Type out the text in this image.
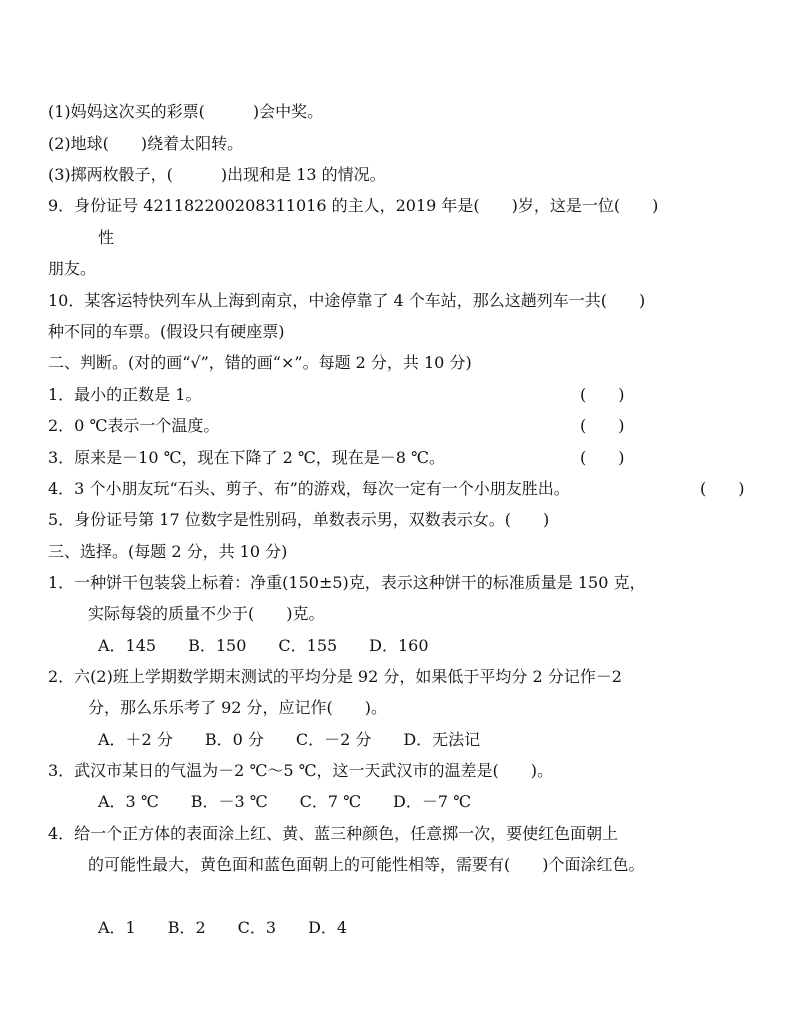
(1)妈妈这次买的彩票(　　　)会中奖。
(2)地球(　　)绕着太阳转。
(3)掷两枚骰子，(　　　)出现和是 13 的情况。
9．身份证号 421182200208311016 的主人，2019 年是(　　)岁，这是一位(　　)
性
朋友。
10．某客运特快列车从上海到南京，中途停靠了 4 个车站，那么这趟列车一共(　　)
种不同的车票。(假设只有硬座票)
二、判断。(对的画“√”，错的画“×”。每题 2 分，共 10 分)
1．最小的正数是 1。	(　　)
2．0 ℃表示一个温度。	(　　)
3．原来是－10 ℃，现在下降了 2 ℃，现在是－8 ℃。	(　　)
4．3 个小朋友玩“石头、剪子、布”的游戏，每次一定有一个小朋友胜出。	(　　)
5．身份证号第 17 位数字是性别码，单数表示男，双数表示女。(　　)
三、选择。(每题 2 分，共 10 分)
1．一种饼干包装袋上标着：净重(150±5)克，表示这种饼干的标准质量是 150 克，
实际每袋的质量不少于(　　)克。
A．145　　B．150　　C．155　　D．160
2．六(2)班上学期数学期末测试的平均分是 92 分，如果低于平均分 2 分记作－2
分，那么乐乐考了 92 分，应记作(　　)。
A．＋2 分　　B．0 分　　C．－2 分　　D．无法记
3．武汉市某日的气温为－2 ℃～5 ℃，这一天武汉市的温差是(　　)。
A．3 ℃　　B．－3 ℃　　C．7 ℃　　D．－7 ℃
4．给一个正方体的表面涂上红、黄、蓝三种颜色，任意掷一次，要使红色面朝上
的可能性最大，黄色面和蓝色面朝上的可能性相等，需要有(　　)个面涂红色。
A．1　　B．2　　C．3　　D．4
